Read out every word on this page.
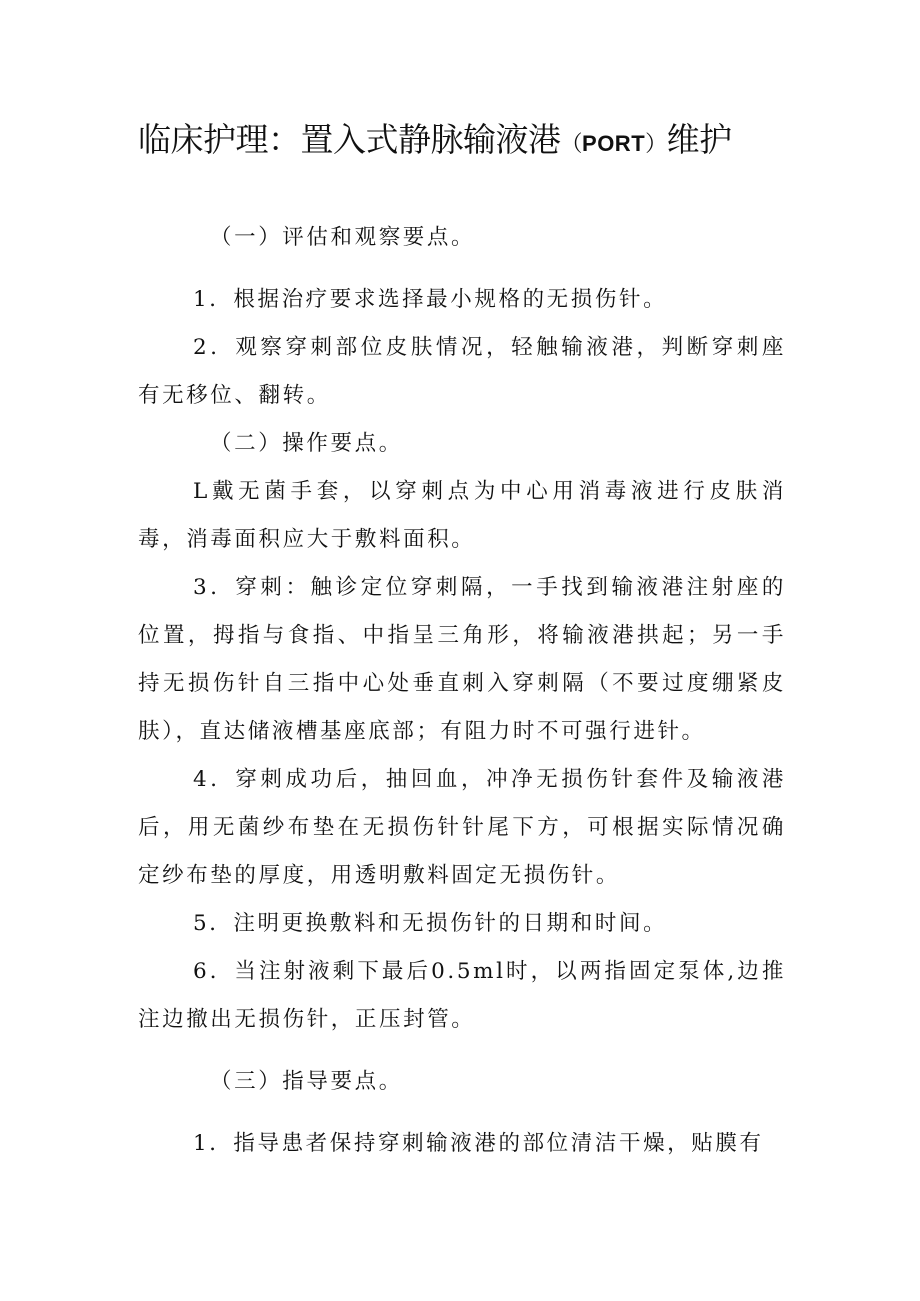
临床护理：置入式静脉输液港（PORT）维护

（一）评估和观察要点。

1．根据治疗要求选择最小规格的无损伤针。

2．观察穿刺部位皮肤情况，轻触输液港，判断穿刺座有无移位、翻转。

（二）操作要点。

L戴无菌手套，以穿刺点为中心用消毒液进行皮肤消毒，消毒面积应大于敷料面积。

3．穿刺：触诊定位穿刺隔，一手找到输液港注射座的位置，拇指与食指、中指呈三角形，将输液港拱起；另一手持无损伤针自三指中心处垂直刺入穿刺隔（不要过度绷紧皮肤），直达储液槽基座底部；有阻力时不可强行进针。

4．穿刺成功后，抽回血，冲净无损伤针套件及输液港后，用无菌纱布垫在无损伤针针尾下方，可根据实际情况确定纱布垫的厚度，用透明敷料固定无损伤针。

5．注明更换敷料和无损伤针的日期和时间。

6．当注射液剩下最后0.5ml时，以两指固定泵体,边推注边撤出无损伤针，正压封管。

（三）指导要点。

1．指导患者保持穿刺输液港的部位清洁干燥，贴膜有
